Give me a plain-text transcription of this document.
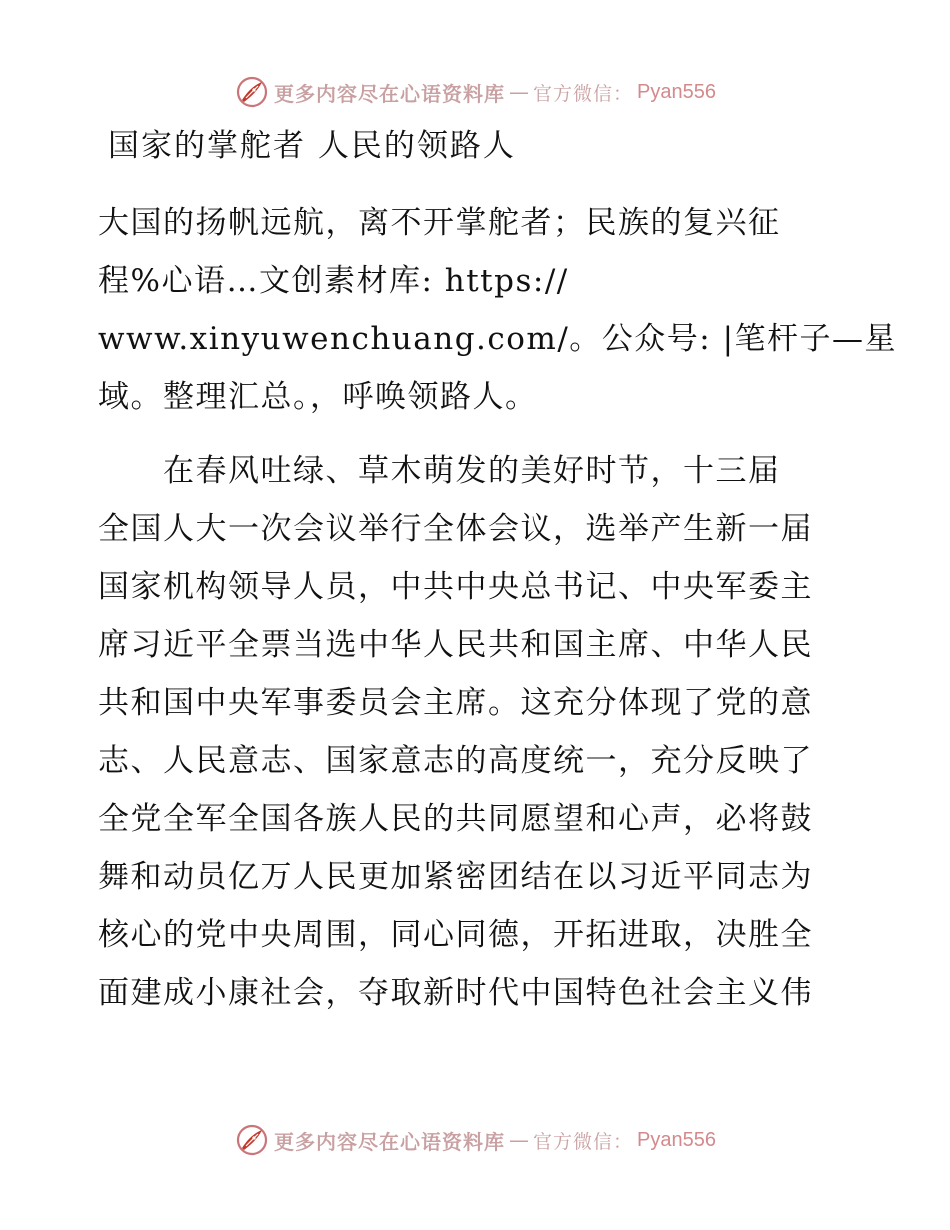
更多内容尽在心语资料库 — 官方微信： Pyan556
国家的掌舵者 人民的领路人
大国的扬帆远航，离不开掌舵者；民族的复兴征
程%心语…文创素材库: https://
www.xinyuwenchuang.com/。公众号: |笔杆子—星
域。整理汇总。，呼唤领路人。
　　在春风吐绿、草木萌发的美好时节，十三届
全国人大一次会议举行全体会议，选举产生新一届
国家机构领导人员，中共中央总书记、中央军委主
席习近平全票当选中华人民共和国主席、中华人民
共和国中央军事委员会主席。这充分体现了党的意
志、人民意志、国家意志的高度统一，充分反映了
全党全军全国各族人民的共同愿望和心声，必将鼓
舞和动员亿万人民更加紧密团结在以习近平同志为
核心的党中央周围，同心同德，开拓进取，决胜全
面建成小康社会，夺取新时代中国特色社会主义伟
更多内容尽在心语资料库 — 官方微信： Pyan556
